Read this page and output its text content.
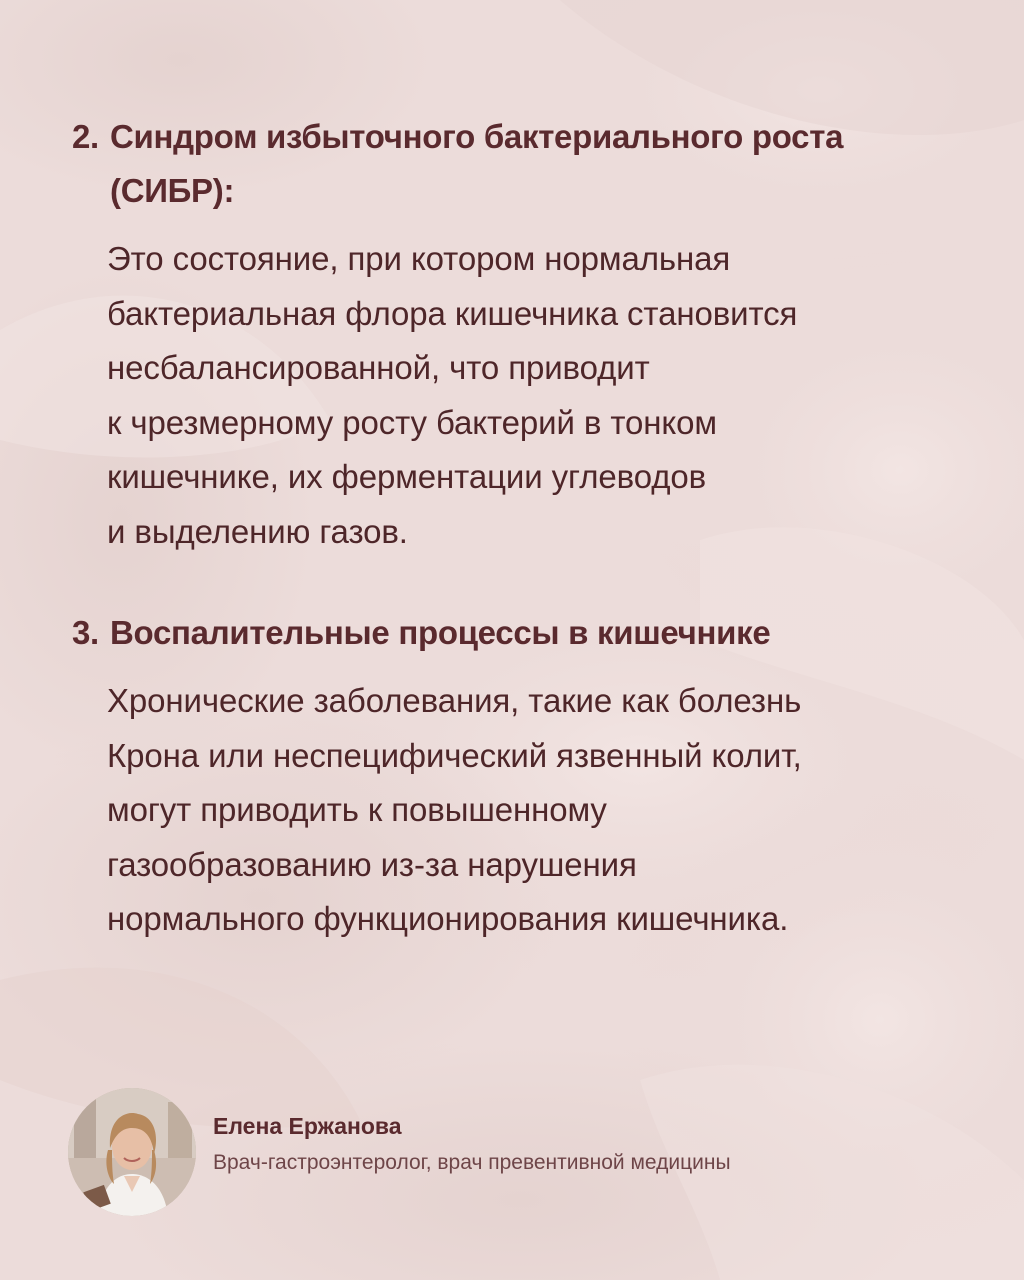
2. Синдром избыточного бактериального роста (СИБР):
Это состояние, при котором нормальная
бактериальная флора кишечника становится
несбалансированной, что приводит
к чрезмерному росту бактерий в тонком
кишечнике, их ферментации углеводов
и выделению газов.
3. Воспалительные процессы в кишечнике
Хронические заболевания, такие как болезнь
Крона или неспецифический язвенный колит,
могут приводить к повышенному
газообразованию из-за нарушения
нормального функционирования кишечника.
Елена Ержанова
Врач-гастроэнтеролог, врач превентивной медицины
